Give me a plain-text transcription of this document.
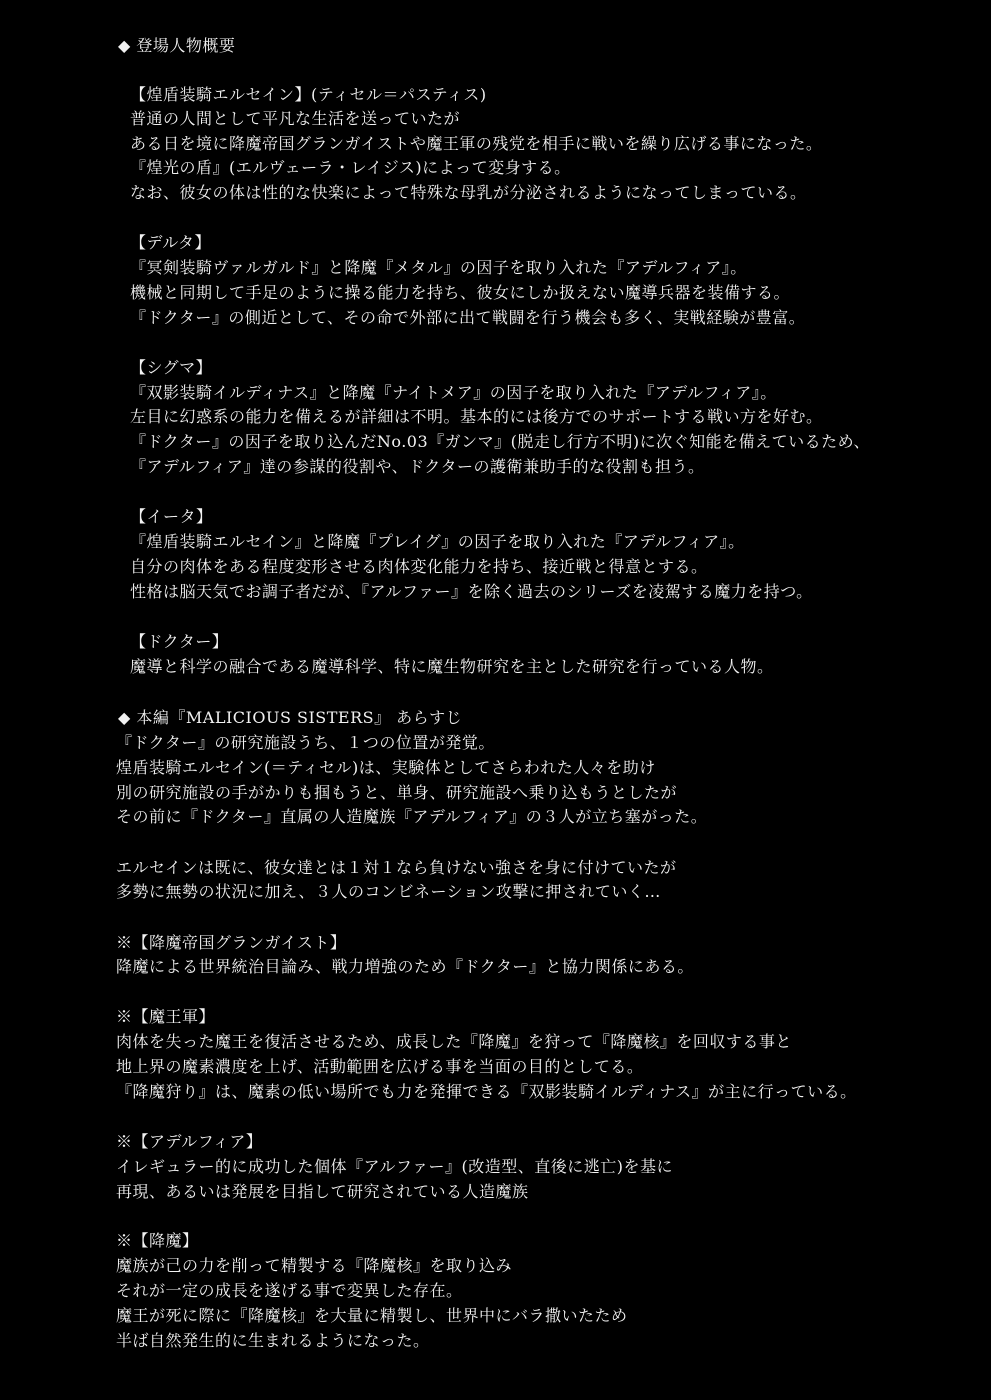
◆ 登場人物概要
【煌盾装騎エルセイン】(ティセル＝パスティス)
普通の人間として平凡な生活を送っていたが
ある日を境に降魔帝国グランガイストや魔王軍の残党を相手に戦いを繰り広げる事になった。
『煌光の盾』(エルヴェーラ・レイジス)によって変身する。
なお、彼女の体は性的な快楽によって特殊な母乳が分泌されるようになってしまっている。
【デルタ】
『冥剣装騎ヴァルガルド』と降魔『メタル』の因子を取り入れた『アデルフィア』。
機械と同期して手足のように操る能力を持ち、彼女にしか扱えない魔導兵器を装備する。
『ドクター』の側近として、その命で外部に出て戦闘を行う機会も多く、実戦経験が豊富。
【シグマ】
『双影装騎イルディナス』と降魔『ナイトメア』の因子を取り入れた『アデルフィア』。
左目に幻惑系の能力を備えるが詳細は不明。基本的には後方でのサポートする戦い方を好む。
『ドクター』の因子を取り込んだNo.03『ガンマ』(脱走し行方不明)に次ぐ知能を備えているため、
『アデルフィア』達の参謀的役割や、ドクターの護衛兼助手的な役割も担う。
【イータ】
『煌盾装騎エルセイン』と降魔『プレイグ』の因子を取り入れた『アデルフィア』。
自分の肉体をある程度変形させる肉体変化能力を持ち、接近戦と得意とする。
性格は脳天気でお調子者だが、『アルファー』を除く過去のシリーズを凌駕する魔力を持つ。
【ドクター】
魔導と科学の融合である魔導科学、特に魔生物研究を主とした研究を行っている人物。
◆ 本編『MALICIOUS SISTERS』 あらすじ
『ドクター』の研究施設うち、１つの位置が発覚。
煌盾装騎エルセイン(＝ティセル)は、実験体としてさらわれた人々を助け
別の研究施設の手がかりも掴もうと、単身、研究施設へ乗り込もうとしたが
その前に『ドクター』直属の人造魔族『アデルフィア』の３人が立ち塞がった。
エルセインは既に、彼女達とは１対１なら負けない強さを身に付けていたが
多勢に無勢の状況に加え、３人のコンビネーション攻撃に押されていく…
※【降魔帝国グランガイスト】
降魔による世界統治目論み、戦力増強のため『ドクター』と協力関係にある。
※【魔王軍】
肉体を失った魔王を復活させるため、成長した『降魔』を狩って『降魔核』を回収する事と
地上界の魔素濃度を上げ、活動範囲を広げる事を当面の目的としてる。
『降魔狩り』は、魔素の低い場所でも力を発揮できる『双影装騎イルディナス』が主に行っている。
※【アデルフィア】
イレギュラー的に成功した個体『アルファー』(改造型、直後に逃亡)を基に
再現、あるいは発展を目指して研究されている人造魔族
※【降魔】
魔族が己の力を削って精製する『降魔核』を取り込み
それが一定の成長を遂げる事で変異した存在。
魔王が死に際に『降魔核』を大量に精製し、世界中にバラ撒いたため
半ば自然発生的に生まれるようになった。
